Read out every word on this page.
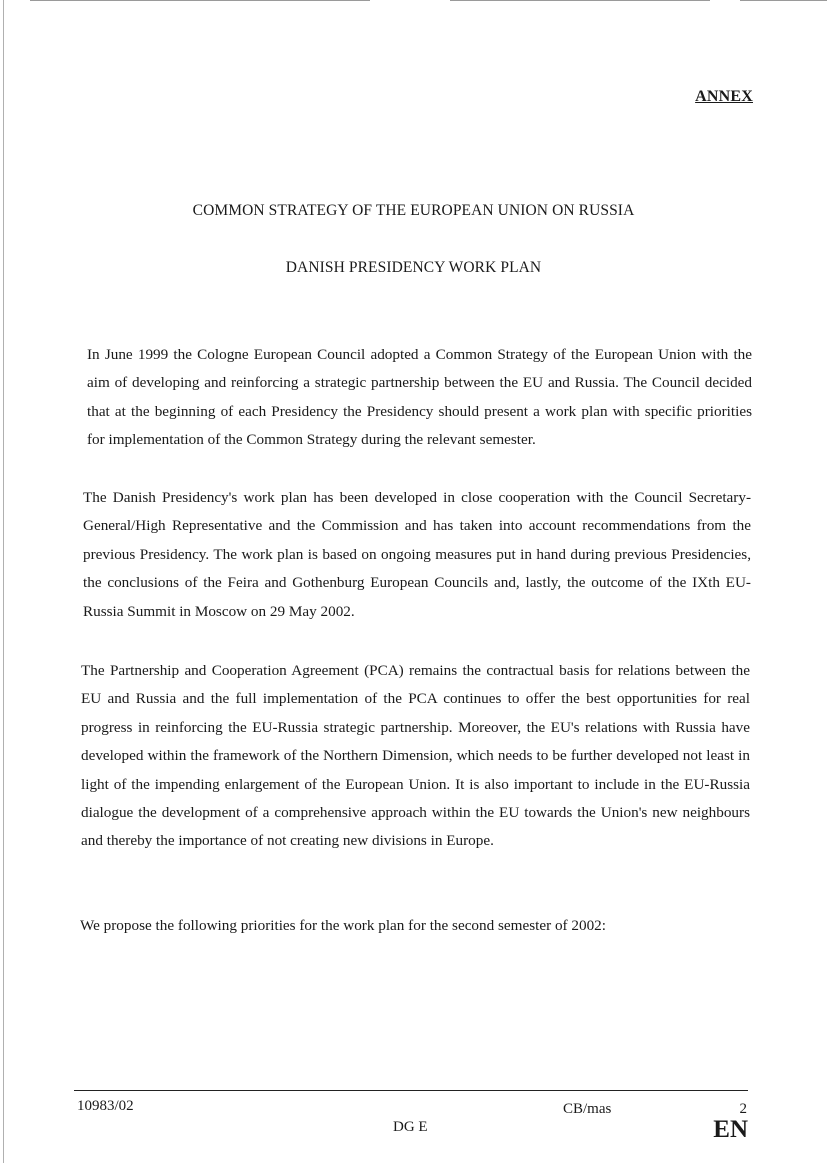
ANNEX
COMMON STRATEGY OF THE EUROPEAN UNION ON RUSSIA
DANISH PRESIDENCY WORK PLAN
In June 1999 the Cologne European Council adopted a Common Strategy of the European Union with the aim of developing and reinforcing a strategic partnership between the EU and Russia. The Council decided that at the beginning of each Presidency the Presidency should present a work plan with specific priorities for implementation of the Common Strategy during the relevant semester.
The Danish Presidency's work plan has been developed in close cooperation with the Council Secretary-General/High Representative and the Commission and has taken into account recommendations from the previous Presidency. The work plan is based on ongoing measures put in hand during previous Presidencies, the conclusions of the Feira and Gothenburg European Councils and, lastly, the outcome of the IXth EU-Russia Summit in Moscow on 29 May 2002.
The Partnership and Cooperation Agreement (PCA) remains the contractual basis for relations between the EU and Russia and the full implementation of the PCA continues to offer the best opportunities for real progress in reinforcing the EU-Russia strategic partnership. Moreover, the EU's relations with Russia have developed within the framework of the Northern Dimension, which needs to be further developed not least in light of the impending enlargement of the European Union. It is also important to include in the EU-Russia dialogue the development of a comprehensive approach within the EU towards the Union's new neighbours and thereby the importance of not creating new divisions in Europe.
We propose the following priorities for the work plan for the second semester of 2002:
10983/02	CB/mas	2
DG E	EN
